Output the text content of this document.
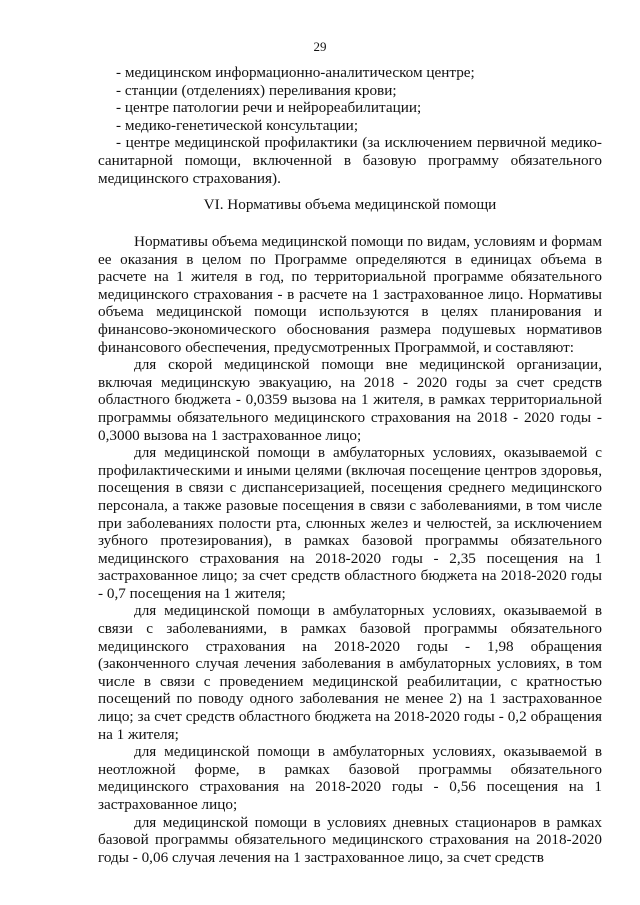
29

- медицинском информационно-аналитическом центре;

- станции (отделениях) переливания крови;

- центре патологии речи и нейрореабилитации;

- медико-генетической консультации;

- центре медицинской профилактики (за исключением первичной медико-санитарной помощи, включенной в базовую программу обязательного медицинского страхования).

VI. Нормативы объема медицинской помощи

Нормативы объема медицинской помощи по видам, условиям и формам ее оказания в целом по Программе определяются в единицах объема в расчете на 1 жителя в год, по территориальной программе обязательного медицинского страхования - в расчете на 1 застрахованное лицо. Нормативы объема медицинской помощи используются в целях планирования и финансово-экономического обоснования размера подушевых нормативов финансового обеспечения, предусмотренных Программой, и составляют:

для скорой медицинской помощи вне медицинской организации, включая медицинскую эвакуацию, на 2018 - 2020 годы за счет средств областного бюджета - 0,0359 вызова на 1 жителя, в рамках территориальной программы обязательного медицинского страхования на 2018 - 2020 годы - 0,3000 вызова на 1 застрахованное лицо;

для медицинской помощи в амбулаторных условиях, оказываемой с профилактическими и иными целями (включая посещение центров здоровья, посещения в связи с диспансеризацией, посещения среднего медицинского персонала, а также разовые посещения в связи с заболеваниями, в том числе при заболеваниях полости рта, слюнных желез и челюстей, за исключением зубного протезирования), в рамках базовой программы обязательного медицинского страхования на 2018-2020 годы - 2,35 посещения на 1 застрахованное лицо; за счет средств областного бюджета на 2018-2020 годы - 0,7 посещения на 1 жителя;

для медицинской помощи в амбулаторных условиях, оказываемой в связи с заболеваниями, в рамках базовой программы обязательного медицинского страхования на 2018-2020 годы - 1,98 обращения (законченного случая лечения заболевания в амбулаторных условиях, в том числе в связи с проведением медицинской реабилитации, с кратностью посещений по поводу одного заболевания не менее 2) на 1 застрахованное лицо; за счет средств областного бюджета на 2018-2020 годы - 0,2 обращения на 1 жителя;

для медицинской помощи в амбулаторных условиях, оказываемой в неотложной форме, в рамках базовой программы обязательного медицинского страхования на 2018-2020 годы - 0,56 посещения на 1 застрахованное лицо;

для медицинской помощи в условиях дневных стационаров в рамках базовой программы обязательного медицинского страхования на 2018-2020 годы - 0,06 случая лечения на 1 застрахованное лицо, за счет средств
